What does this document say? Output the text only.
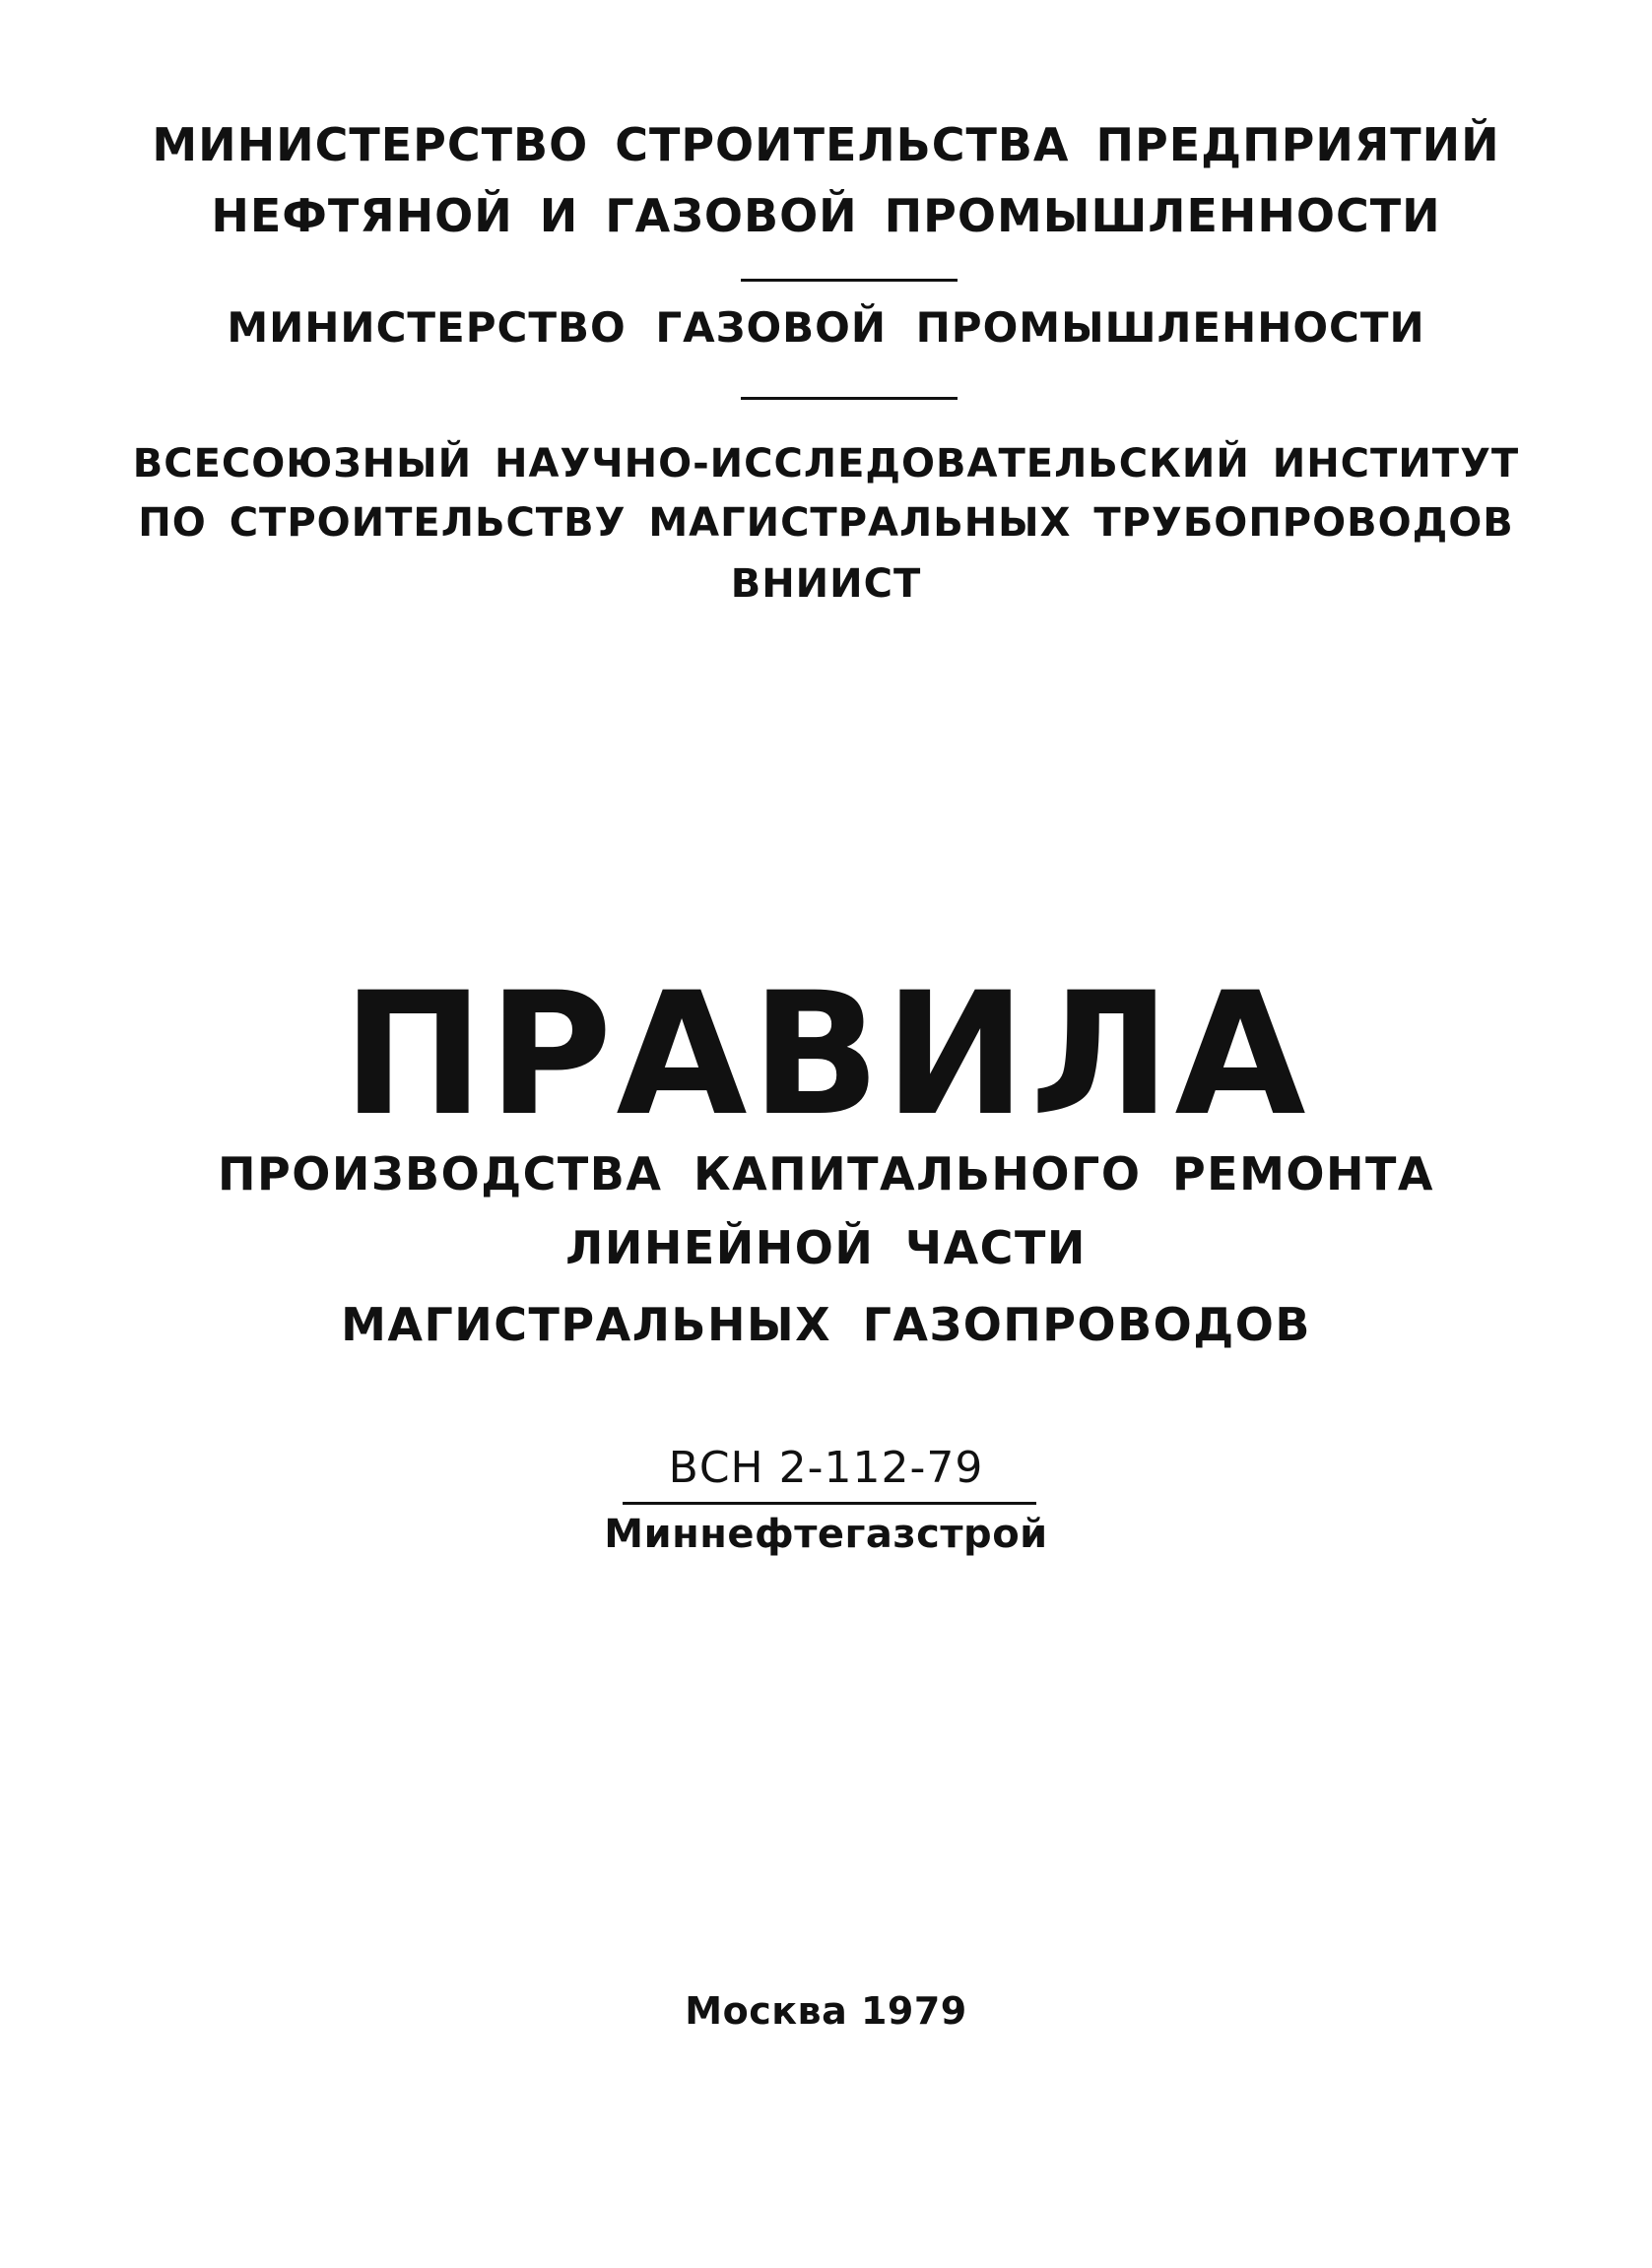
МИНИСТЕРСТВО СТРОИТЕЛЬСТВА ПРЕДПРИЯТИЙ
НЕФТЯНОЙ И ГАЗОВОЙ ПРОМЫШЛЕННОСТИ
МИНИСТЕРСТВО ГАЗОВОЙ ПРОМЫШЛЕННОСТИ
ВСЕСОЮЗНЫЙ НАУЧНО-ИССЛЕДОВАТЕЛЬСКИЙ ИНСТИТУТ
ПО СТРОИТЕЛЬСТВУ МАГИСТРАЛЬНЫХ ТРУБОПРОВОДОВ
ВНИИСТ
ПРАВИЛА
ПРОИЗВОДСТВА КАПИТАЛЬНОГО РЕМОНТА
ЛИНЕЙНОЙ ЧАСТИ
МАГИСТРАЛЬНЫХ ГАЗОПРОВОДОВ
ВСН 2-112-79
Миннефтегазстрой
Москва 1979
